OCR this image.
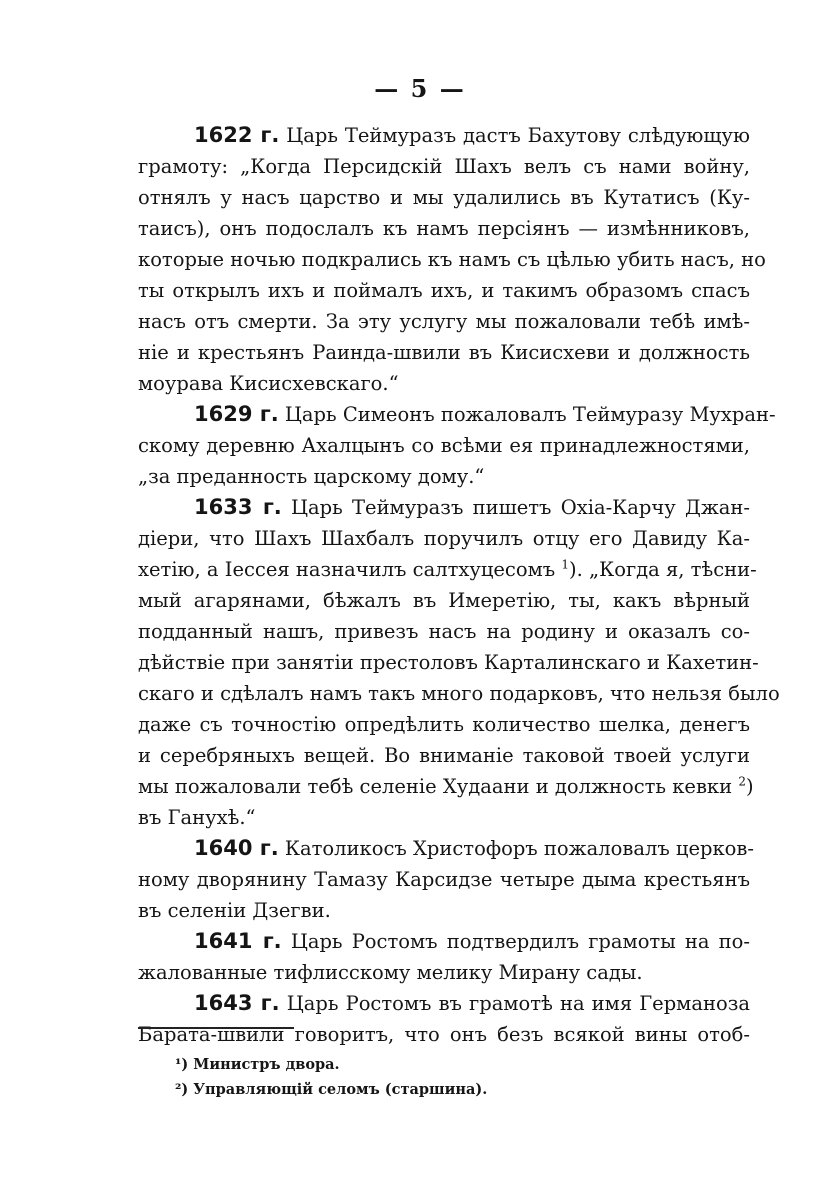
— 5 —
1622 г. Царь Теймуразъ дастъ Бахутову слѣдующую
грамоту: „Когда Персидскій Шахъ велъ съ нами войну,
отнялъ у насъ царство и мы удалились въ Кутатисъ (Ку-
таисъ), онъ подослалъ къ намъ персіянъ — измѣнниковъ,
которые ночью подкрались къ намъ съ цѣлью убить насъ, но
ты открылъ ихъ и поймалъ ихъ, и такимъ образомъ спасъ
насъ отъ смерти. За эту услугу мы пожаловали тебѣ имѣ-
ніе и крестьянъ Раинда-швили въ Кисисхеви и должность
моурава Кисисхевскаго.“
1629 г. Царь Симеонъ пожаловалъ Теймуразу Мухран-
скому деревню Ахалцынъ со всѣми ея принадлежностями,
„за преданность царскому дому.“
1633 г. Царь Теймуразъ пишетъ Охіа-Карчу Джан-
діери, что Шахъ Шахбалъ поручилъ отцу его Давиду Ка-
хетію, а Іессея назначилъ салтхуцесомъ $^1$). „Когда я, тѣсни-
мый агарянами, бѣжалъ въ Имеретію, ты, какъ вѣрный
подданный нашъ, привезъ насъ на родину и оказалъ со-
дѣйствіе при занятіи престоловъ Карталинскаго и Кахетин-
скаго и сдѣлалъ намъ такъ много подарковъ, что нельзя было
даже съ точностію опредѣлить количество шелка, денегъ
и серебряныхъ вещей. Во вниманіе таковой твоей услуги
мы пожаловали тебѣ селеніе Худаани и должность кевки $^2$)
въ Ганухѣ.“
1640 г. Католикосъ Христофоръ пожаловалъ церков-
ному дворянину Тамазу Карсидзе четыре дыма крестьянъ
въ селеніи Дзегви.
1641 г. Царь Ростомъ подтвердилъ грамоты на по-
жалованные тифлисскому мелику Мирану сады.
1643 г. Царь Ростомъ въ грамотѣ на имя Германоза
Барата-швили говоритъ, что онъ безъ всякой вины отоб-
¹) Министръ двора.
²) Управляющій селомъ (старшина).
